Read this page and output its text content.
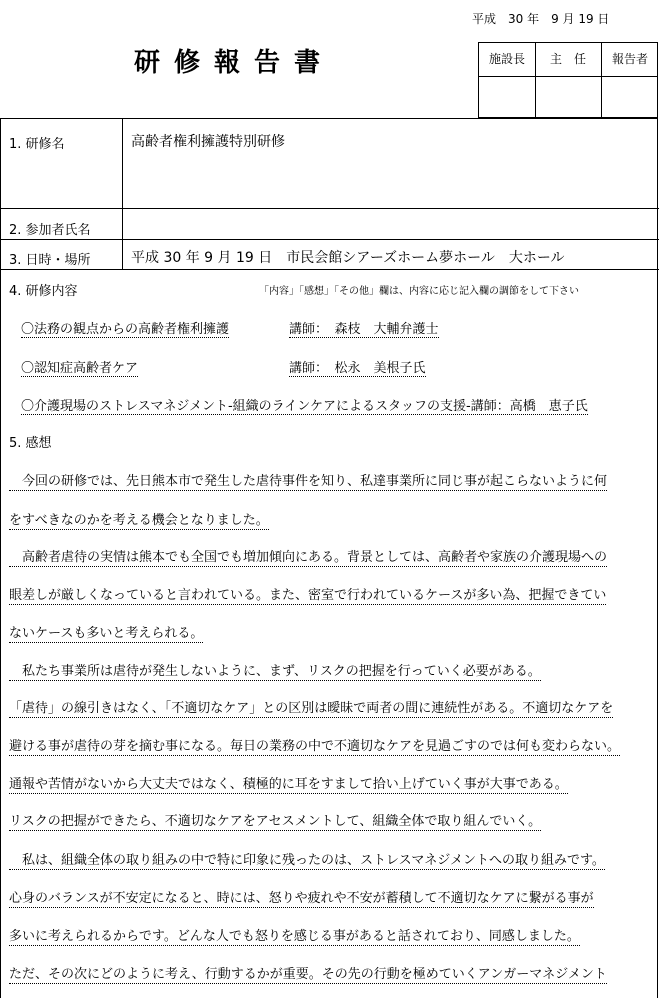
平成　30 年　9 月 19 日
研修報告書	施設長	主　任	報告者
1. 研修名	高齢者権利擁護特別研修
2. 参加者氏名
3. 日時・場所	平成 30 年 9 月 19 日　市民会館シアーズホーム夢ホール　大ホール
4. 研修内容	「内容」「感想」「その他」欄は、内容に応じ記入欄の調節をして下さい
〇法務の観点からの高齢者権利擁護	講師：　森枝　大輔弁護士
〇認知症高齢者ケア	講師：　松永　美根子氏
〇介護現場のストレスマネジメント-組織のラインケアによるスタッフの支援-講師：高橋　恵子氏
5. 感想
　今回の研修では、先日熊本市で発生した虐待事件を知り、私達事業所に同じ事が起こらないように何
をすべきなのかを考える機会となりました。
　高齢者虐待の実情は熊本でも全国でも増加傾向にある。背景としては、高齢者や家族の介護現場への
眼差しが厳しくなっていると言われている。また、密室で行われているケースが多い為、把握できてい
ないケースも多いと考えられる。
　私たち事業所は虐待が発生しないように、まず、リスクの把握を行っていく必要がある。
「虐待」の線引きはなく、「不適切なケア」との区別は曖昧で両者の間に連続性がある。不適切なケアを
避ける事が虐待の芽を摘む事になる。毎日の業務の中で不適切なケアを見過ごすのでは何も変わらない。
通報や苦情がないから大丈夫ではなく、積極的に耳をすまして拾い上げていく事が大事である。
リスクの把握ができたら、不適切なケアをアセスメントして、組織全体で取り組んでいく。
　私は、組織全体の取り組みの中で特に印象に残ったのは、ストレスマネジメントへの取り組みです。
心身のバランスが不安定になると、時には、怒りや疲れや不安が蓄積して不適切なケアに繋がる事が
多いに考えられるからです。どんな人でも怒りを感じる事があると話されており、同感しました。
ただ、その次にどのように考え、行動するかが重要。その先の行動を極めていくアンガーマネジメント
